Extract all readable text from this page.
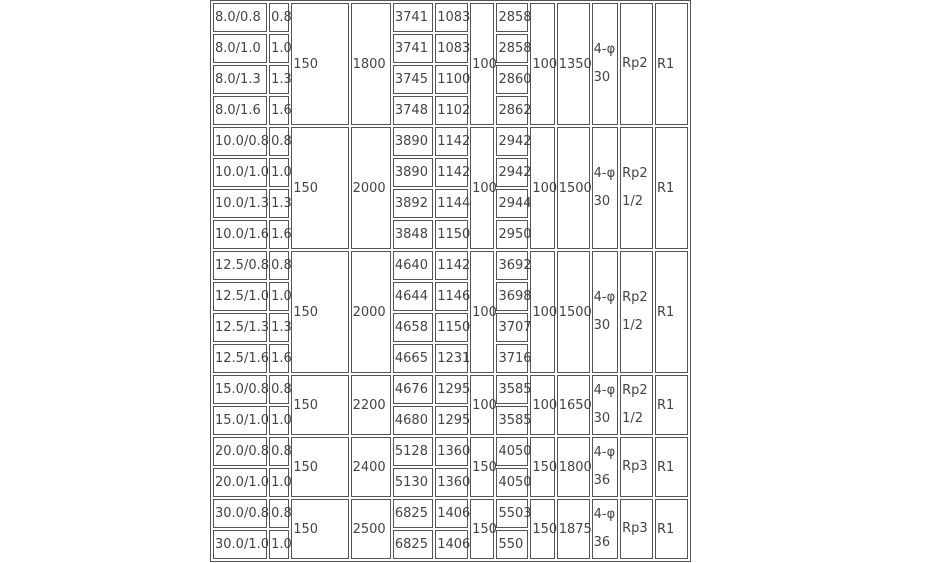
8.0/0.8	0.8	150	1800	3741	1083	100	2858	100	1350	4-φ30	Rp2	R1
8.0/1.0	1.0			3741	1083		2858					
8.0/1.3	1.3			3745	1100		2860					
8.0/1.6	1.6			3748	1102		2862					
10.0/0.8	0.8	150	2000	3890	1142	100	2942	100	1500	4-φ30	Rp2 1/2	R1
10.0/1.0	1.0			3890	1142		2942					
10.0/1.3	1.3			3892	1144		2944					
10.0/1.6	1.6			3848	1150		2950					
12.5/0.8	0.8	150	2000	4640	1142	100	3692	100	1500	4-φ30	Rp2 1/2	R1
12.5/1.0	1.0			4644	1146		3698					
12.5/1.3	1.3			4658	1150		3707					
12.5/1.6	1.6			4665	1231		3716					
15.0/0.8	0.8	150	2200	4676	1295	100	3585	100	1650	4-φ30	Rp2 1/2	R1
15.0/1.0	1.0			4680	1295		3585					
20.0/0.8	0.8	150	2400	5128	1360	150	4050	150	1800	4-φ36	Rp3	R1
20.0/1.0	1.0			5130	1360		4050					
30.0/0.8	0.8	150	2500	6825	1406	150	5503	150	1875	4-φ36	Rp3	R1
30.0/1.0	1.0			6825	1406		550					
